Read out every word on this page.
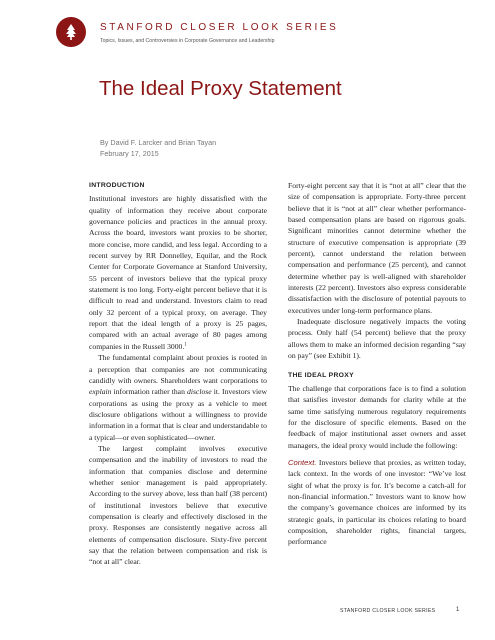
STANFORD CLOSER LOOK SERIES
Topics, Issues, and Controversies in Corporate Governance and Leadership
The Ideal Proxy Statement
By David F. Larcker and Brian Tayan
February 17, 2015
INTRODUCTION

Institutional investors are highly dissatisfied with the quality of information they receive about corporate governance policies and practices in the annual proxy. Across the board, investors want proxies to be shorter, more concise, more candid, and less legal. According to a recent survey by RR Donnelley, Equilar, and the Rock Center for Corporate Governance at Stanford University, 55 percent of investors believe that the typical proxy statement is too long. Forty-eight percent believe that it is difficult to read and understand. Investors claim to read only 32 percent of a typical proxy, on average. They report that the ideal length of a proxy is 25 pages, compared with an actual average of 80 pages among companies in the Russell 3000.$^1$

The fundamental complaint about proxies is rooted in a perception that companies are not communicating candidly with owners. Shareholders want corporations to explain information rather than disclose it. Investors view corporations as using the proxy as a vehicle to meet disclosure obligations without a willingness to provide information in a format that is clear and understandable to a typical—or even sophisticated—owner.

The largest complaint involves executive compensation and the inability of investors to read the information that companies disclose and determine whether senior management is paid appropriately. According to the survey above, less than half (38 percent) of institutional investors believe that executive compensation is clearly and effectively disclosed in the proxy. Responses are consistently negative across all elements of compensation disclosure. Sixty-five percent say that the relation between compensation and risk is “not at all” clear.

Forty-eight percent say that it is “not at all” clear that the size of compensation is appropriate. Forty-three percent believe that it is “not at all” clear whether performance-based compensation plans are based on rigorous goals. Significant minorities cannot determine whether the structure of executive compensation is appropriate (39 percent), cannot understand the relation between compensation and performance (25 percent), and cannot determine whether pay is well-aligned with shareholder interests (22 percent). Investors also express considerable dissatisfaction with the disclosure of potential payouts to executives under long-term performance plans.

Inadequate disclosure negatively impacts the voting process. Only half (54 percent) believe that the proxy allows them to make an informed decision regarding “say on pay” (see Exhibit 1).

THE IDEAL PROXY

The challenge that corporations face is to find a solution that satisfies investor demands for clarity while at the same time satisfying numerous regulatory requirements for the disclosure of specific elements. Based on the feedback of major institutional asset owners and asset managers, the ideal proxy would include the following:

Context. Investors believe that proxies, as written today, lack context. In the words of one investor: “We’ve lost sight of what the proxy is for. It’s become a catch-all for non-financial information.” Investors want to know how the company’s governance choices are informed by its strategic goals, in particular its choices relating to board composition, shareholder rights, financial targets, performance

STANFORD CLOSER LOOK SERIES	1
